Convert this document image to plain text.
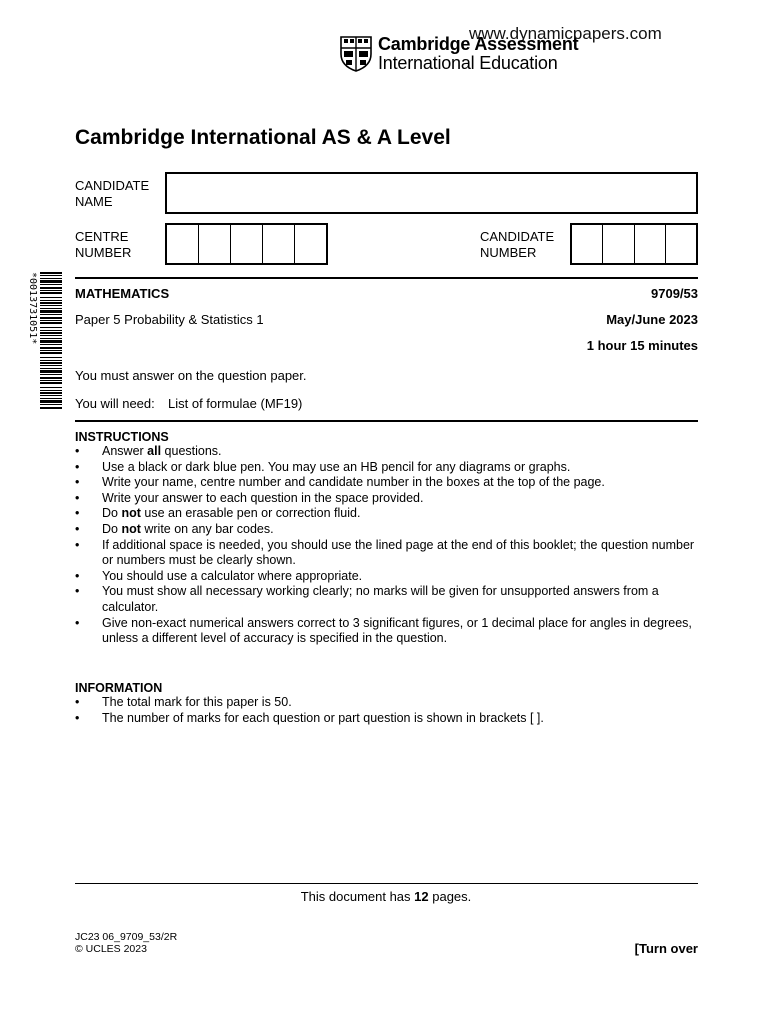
www.dynamicpapers.com
Cambridge Assessment
International Education
Cambridge International AS & A Level
CANDIDATE
NAME
CENTRE
NUMBER
CANDIDATE
NUMBER
*0013731051*	MATHEMATICS	9709/53
Paper 5 Probability & Statistics 1	May/June 2023
1 hour 15 minutes
You must answer on the question paper.
You will need: List of formulae (MF19)
INSTRUCTIONS
• Answer all questions.
• Use a black or dark blue pen. You may use an HB pencil for any diagrams or graphs.
• Write your name, centre number and candidate number in the boxes at the top of the page.
• Write your answer to each question in the space provided.
• Do not use an erasable pen or correction fluid.
• Do not write on any bar codes.
• If additional space is needed, you should use the lined page at the end of this booklet; the question number or numbers must be clearly shown.
• You should use a calculator where appropriate.
• You must show all necessary working clearly; no marks will be given for unsupported answers from a calculator.
• Give non-exact numerical answers correct to 3 significant figures, or 1 decimal place for angles in degrees, unless a different level of accuracy is specified in the question.
INFORMATION
• The total mark for this paper is 50.
• The number of marks for each question or part question is shown in brackets [ ].
This document has 12 pages.
JC23 06_9709_53/2R
© UCLES 2023	[Turn over
